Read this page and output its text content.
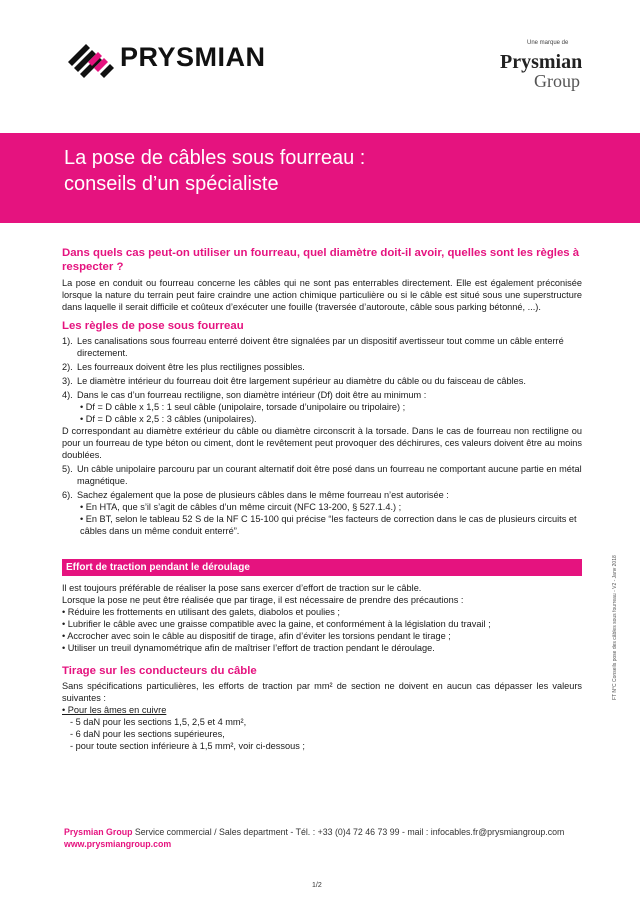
PRYSMIAN	Une marque de
Prysmian
Group
La pose de câbles sous fourreau :
conseils d’un spécialiste
Dans quels cas peut-on utiliser un fourreau, quel diamètre doit-il avoir, quelles sont les règles à respecter ?

La pose en conduit ou fourreau concerne les câbles qui ne sont pas enterrables directement. Elle est également préconisée lorsque la nature du terrain peut faire craindre une action chimique particulière ou si le câble est situé sous une superstructure dans laquelle il serait difficile et coûteux d’exécuter une fouille (traversée d’autoroute, câble sous parking bétonné, ...).

Les règles de pose sous fourreau
1). Les canalisations sous fourreau enterré doivent être signalées par un dispositif avertisseur tout comme un câble enterré directement.
2). Les fourreaux doivent être les plus rectilignes possibles.
3). Le diamètre intérieur du fourreau doit être largement supérieur au diamètre du câble ou du faisceau de câbles.
4). Dans le cas d’un fourreau rectiligne, son diamètre intérieur (Df) doit être au minimum :
• Df = D câble x 1,5 : 1 seul câble (unipolaire, torsade d’unipolaire ou tripolaire) ;
• Df = D câble x 2,5 : 3 câbles (unipolaires).

D correspondant au diamètre extérieur du câble ou diamètre circonscrit à la torsade. Dans le cas de fourreau non rectiligne ou pour un fourreau de type béton ou ciment, dont le revêtement peut provoquer des déchirures, ces valeurs doivent être au moins doublées.

5). Un câble unipolaire parcouru par un courant alternatif doit être posé dans un fourreau ne comportant aucune partie en métal magnétique.
6). Sachez également que la pose de plusieurs câbles dans le même fourreau n’est autorisée :
• En HTA, que s’il s’agit de câbles d’un même circuit (NFC 13-200, § 527.1.4.) ;
• En BT, selon le tableau 52 S de la NF C 15-100 qui précise “les facteurs de correction dans le cas de plusieurs circuits et câbles dans un même conduit enterré”.
Effort de traction pendant le déroulage

Il est toujours préférable de réaliser la pose sans exercer d’effort de traction sur le câble.

Lorsque la pose ne peut être réalisée que par tirage, il est nécessaire de prendre des précautions :

• Réduire les frottements en utilisant des galets, diabolos et poulies ;
• Lubrifier le câble avec une graisse compatible avec la gaine, et conformément à la législation du travail ;
• Accrocher avec soin le câble au dispositif de tirage, afin d’éviter les torsions pendant le tirage ;
• Utiliser un treuil dynamométrique afin de maîtriser l’effort de traction pendant le déroulage.
Tirage sur les conducteurs du câble

Sans spécifications particulières, les efforts de traction par mm² de section ne doivent en aucun cas dépasser les valeurs suivantes :

• Pour les âmes en cuivre
- 5 daN pour les sections 1,5, 2,5 et 4 mm²,
- 6 daN pour les sections supérieures,
- pour toute section inférieure à 1,5 mm², voir ci-dessous ;
FT N°C Conseils pose des câbles sous fourreau - V2 - Janv 2018
Prysmian Group Service commercial / Sales department - Tél. : +33 (0)4 72 46 73 99 - mail : infocables.fr@prysmiangroup.com
www.prysmiangroup.com
1/2
